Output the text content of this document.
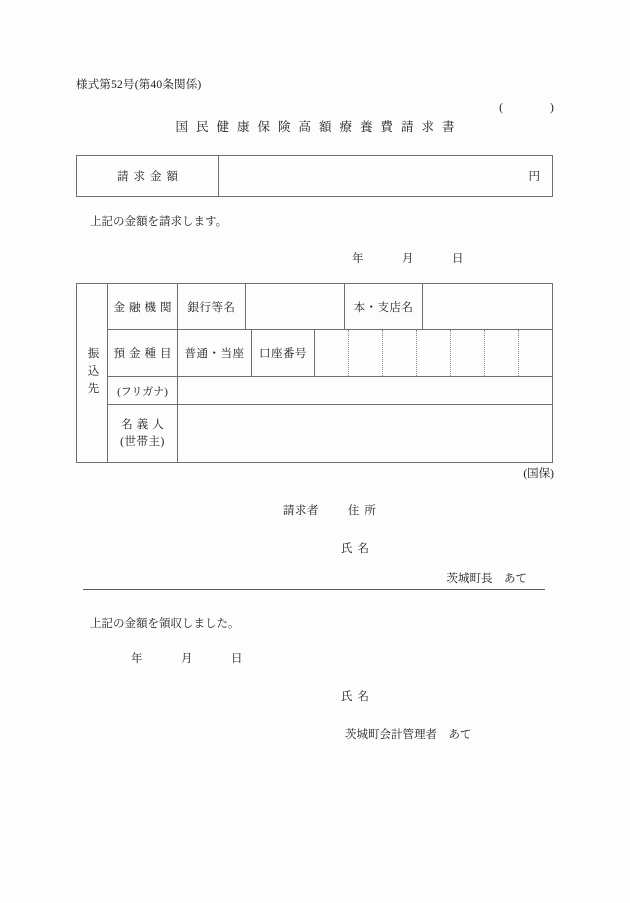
様式第52号(第40条関係)
(　　　　)
国民健康保険高額療養費請求書
請求金額	円
上記の金額を請求します。
年　　　月　　　日
振込先
金融機関	銀行等名	本・支店名
預金種目 普通・当座	口座番号
(フリガナ)
名義人
(世帯主)
(国保)
請求者	住所
氏名
茨城町長　あて
上記の金額を領収しました。
年　　　月　　　日
氏名
茨城町会計管理者　あて
